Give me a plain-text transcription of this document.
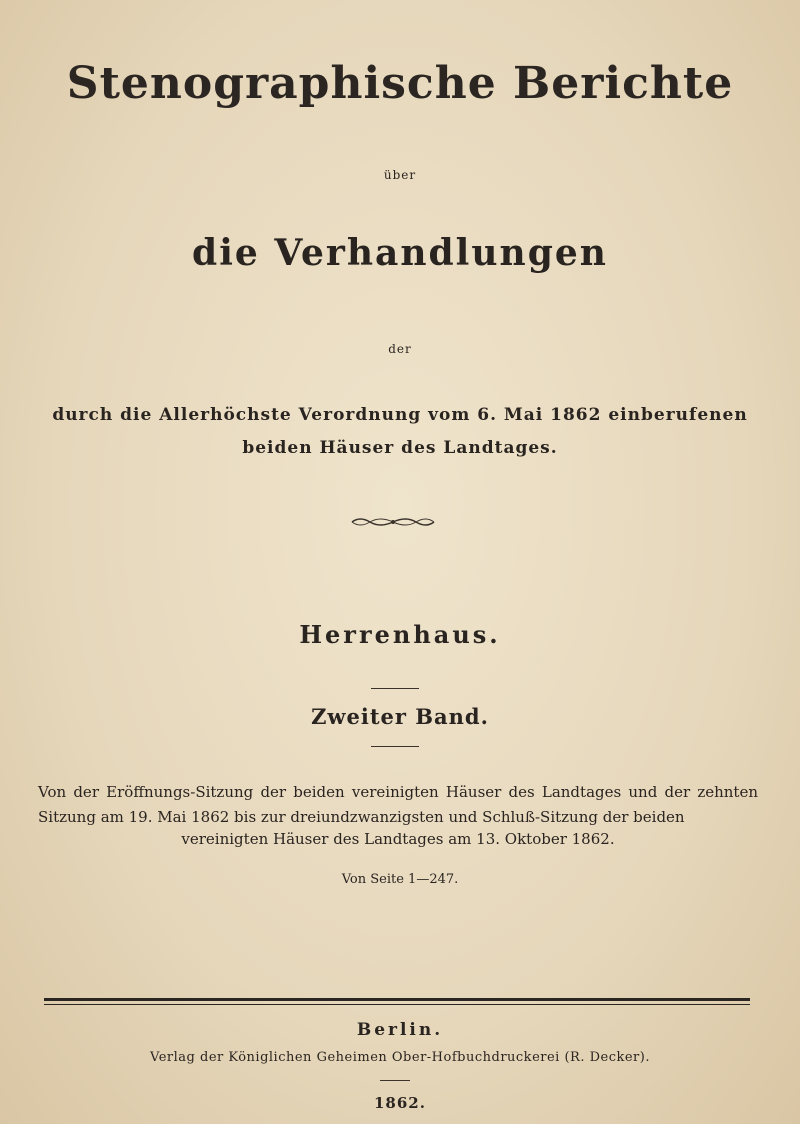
Stenographische Berichte

über

die Verhandlungen

der

durch die Allerhöchste Verordnung vom 6. Mai 1862 einberufenen

beiden Häuser des Landtages.

Herrenhaus.
Zweiter Band.

Von der Eröffnungs-Sitzung der beiden vereinigten Häuser des Landtages und der zehnten Sitzung am 19. Mai 1862 bis zur dreiundzwanzigsten und Schluß-Sitzung der beiden

vereinigten Häuser des Landtages am 13. Oktober 1862.

Von Seite 1—247.

Berlin.

Verlag der Königlichen Geheimen Ober-Hofbuchdruckerei (R. Decker).

1862.
